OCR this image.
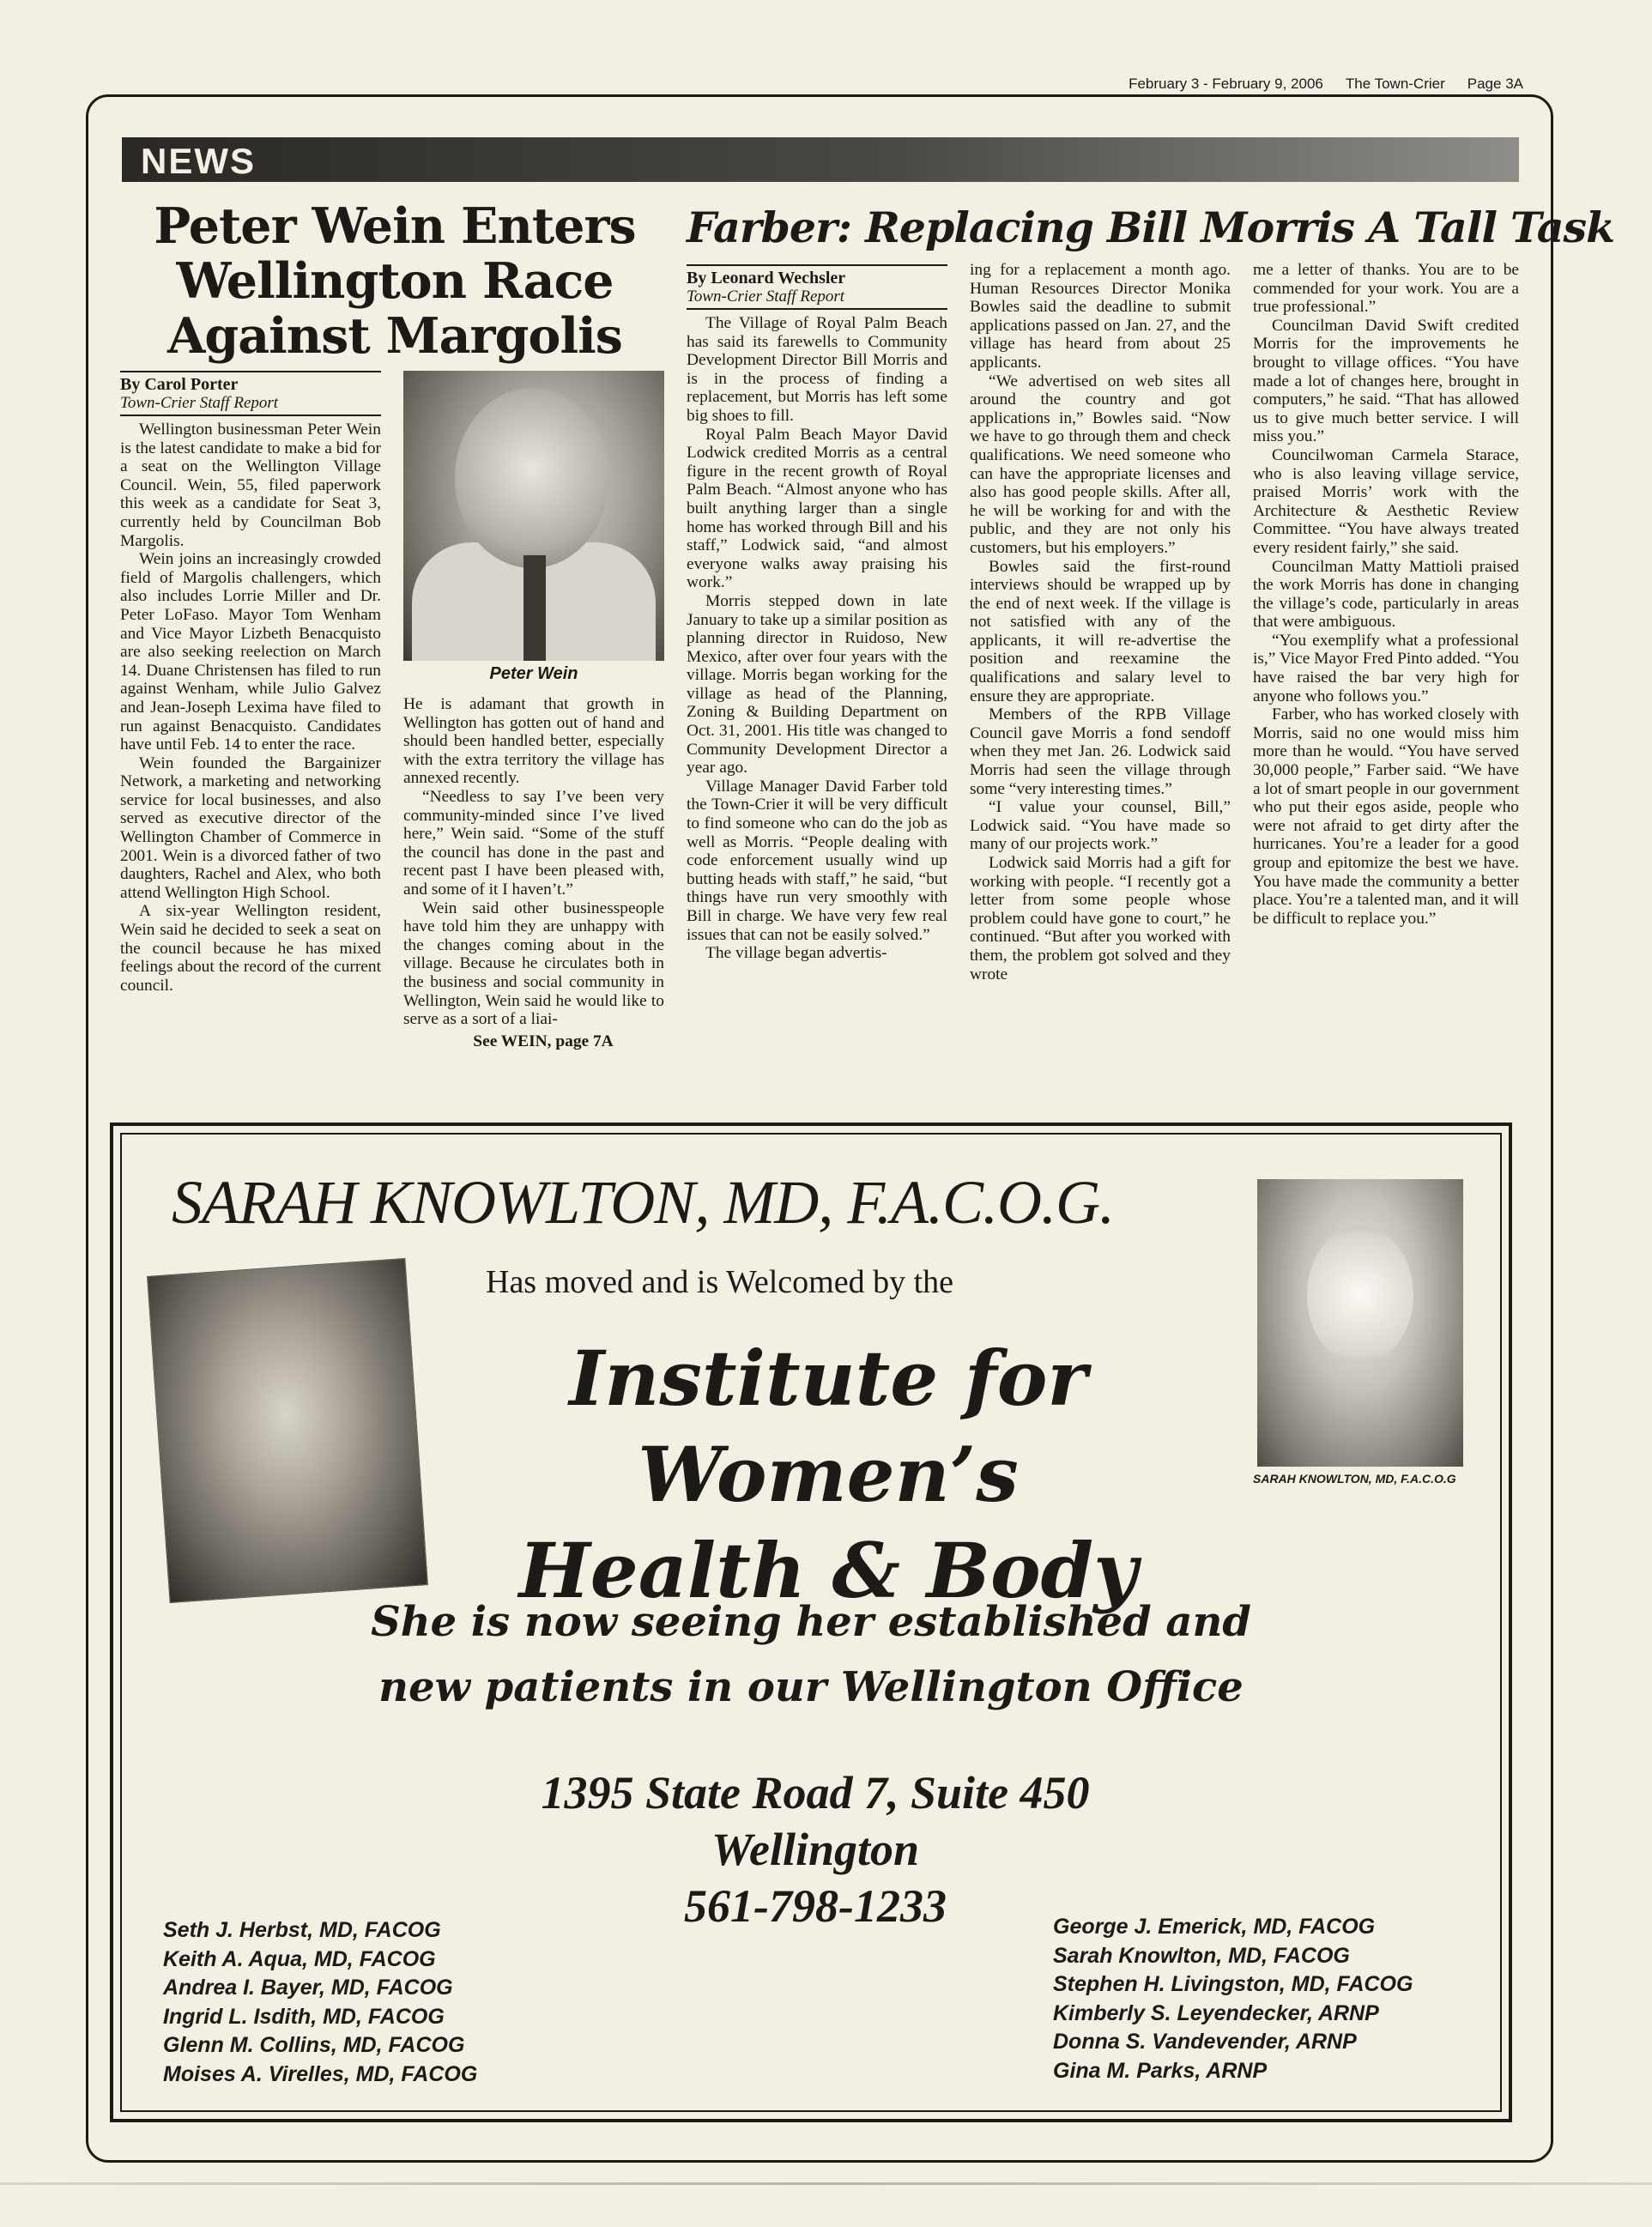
February 3 - February 9, 2006 The Town-Crier Page 3A
NEWS
Peter Wein Enters Wellington Race Against Margolis
By Carol Porter
Town-Crier Staff Report

Wellington businessman Peter Wein is the latest candidate to make a bid for a seat on the Wellington Village Council. Wein, 55, filed paperwork this week as a candidate for Seat 3, currently held by Councilman Bob Margolis.

Wein joins an increasingly crowded field of Margolis challengers, which also includes Lorrie Miller and Dr. Peter LoFaso. Mayor Tom Wenham and Vice Mayor Lizbeth Benacquisto are also seeking reelection on March 14. Duane Christensen has filed to run against Wenham, while Julio Galvez and Jean-Joseph Lexima have filed to run against Benacquisto. Candidates have until Feb. 14 to enter the race.

Wein founded the Bargainizer Network, a marketing and networking service for local businesses, and also served as executive director of the Wellington Chamber of Commerce in 2001. Wein is a divorced father of two daughters, Rachel and Alex, who both attend Wellington High School.

A six-year Wellington resident, Wein said he decided to seek a seat on the council because he has mixed feelings about the record of the current council.

Peter Wein

He is adamant that growth in Wellington has gotten out of hand and should been handled better, especially with the extra territory the village has annexed recently.

“Needless to say I’ve been very community-minded since I’ve lived here,” Wein said. “Some of the stuff the council has done in the past and recent past I have been pleased with, and some of it I haven’t.”

Wein said other businesspeople have told him they are unhappy with the changes coming about in the village. Because he circulates both in the business and social community in Wellington, Wein said he would like to serve as a sort of a liai-

See WEIN, page 7A

Farber: Replacing Bill Morris A Tall Task
By Leonard Wechsler
Town-Crier Staff Report

The Village of Royal Palm Beach has said its farewells to Community Development Director Bill Morris and is in the process of finding a replacement, but Morris has left some big shoes to fill.

Royal Palm Beach Mayor David Lodwick credited Morris as a central figure in the recent growth of Royal Palm Beach. “Almost anyone who has built anything larger than a single home has worked through Bill and his staff,” Lodwick said, “and almost everyone walks away praising his work.”

Morris stepped down in late January to take up a similar position as planning director in Ruidoso, New Mexico, after over four years with the village. Morris began working for the village as head of the Planning, Zoning & Building Department on Oct. 31, 2001. His title was changed to Community Development Director a year ago.

Village Manager David Farber told the Town-Crier it will be very difficult to find someone who can do the job as well as Morris. “People dealing with code enforcement usually wind up butting heads with staff,” he said, “but things have run very smoothly with Bill in charge. We have very few real issues that can not be easily solved.”

The village began advertis-

ing for a replacement a month ago. Human Resources Director Monika Bowles said the deadline to submit applications passed on Jan. 27, and the village has heard from about 25 applicants.

“We advertised on web sites all around the country and got applications in,” Bowles said. “Now we have to go through them and check qualifications. We need someone who can have the appropriate licenses and also has good people skills. After all, he will be working for and with the public, and they are not only his customers, but his employers.”

Bowles said the first-round interviews should be wrapped up by the end of next week. If the village is not satisfied with any of the applicants, it will re-advertise the position and reexamine the qualifications and salary level to ensure they are appropriate.

Members of the RPB Village Council gave Morris a fond sendoff when they met Jan. 26. Lodwick said Morris had seen the village through some “very interesting times.”

“I value your counsel, Bill,” Lodwick said. “You have made so many of our projects work.”

Lodwick said Morris had a gift for working with people. “I recently got a letter from some people whose problem could have gone to court,” he continued. “But after you worked with them, the problem got solved and they wrote

me a letter of thanks. You are to be commended for your work. You are a true professional.”

Councilman David Swift credited Morris for the improvements he brought to village offices. “You have made a lot of changes here, brought in computers,” he said. “That has allowed us to give much better service. I will miss you.”

Councilwoman Carmela Starace, who is also leaving village service, praised Morris’ work with the Architecture & Aesthetic Review Committee. “You have always treated every resident fairly,” she said.

Councilman Matty Mattioli praised the work Morris has done in changing the village’s code, particularly in areas that were ambiguous.

“You exemplify what a professional is,” Vice Mayor Fred Pinto added. “You have raised the bar very high for anyone who follows you.”

Farber, who has worked closely with Morris, said no one would miss him more than he would. “You have served 30,000 people,” Farber said. “We have a lot of smart people in our government who put their egos aside, people who were not afraid to get dirty after the hurricanes. You’re a leader for a good group and epitomize the best we have. You have made the community a better place. You’re a talented man, and it will be difficult to replace you.”

SARAH KNOWLTON, MD, F.A.C.O.G.
Has moved and is Welcomed by the
Institute for Women’s
Health & Body
SARAH KNOWLTON, MD, F.A.C.O.G
She is now seeing her established and
new patients in our Wellington Office
1395 State Road 7, Suite 450
Wellington
561-798-1233
Seth J. Herbst, MD, FACOG
Keith A. Aqua, MD, FACOG
Andrea I. Bayer, MD, FACOG
Ingrid L. Isdith, MD, FACOG
Glenn M. Collins, MD, FACOG
Moises A. Virelles, MD, FACOG
George J. Emerick, MD, FACOG
Sarah Knowlton, MD, FACOG
Stephen H. Livingston, MD, FACOG
Kimberly S. Leyendecker, ARNP
Donna S. Vandevender, ARNP
Gina M. Parks, ARNP
